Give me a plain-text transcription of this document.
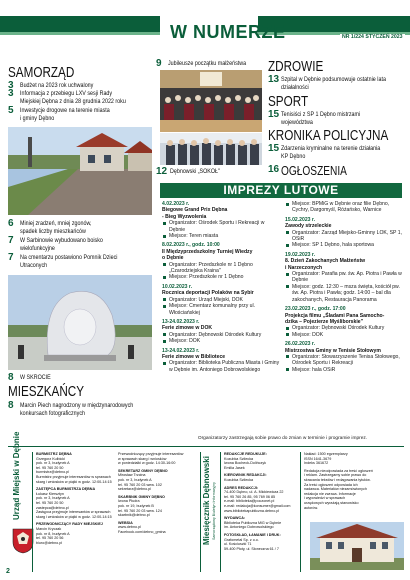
W NUMERZE	NR 1/224 STYCZEŃ 2023
SAMORZĄD
3 Budżet na 2023 rok uchwalony
3 Informacja z przebiegu LXV sesji Rady
Miejskiej Dębna z dnia 28 grudnia 2022 roku
5 Inwestycje drogowe na terenie miasta
i gminy Dębno
6 Miniej zradzeń, mniej zgonów,
spadek liczby mieszkańców
7 W Sarbinowie wybudowano boisko
wielofunkcyjne
7 Na cmentarzu postawiono Pomnik Dzieci
Utraconych
8 W SKRÓCIE
MIESZKAŃCY
8 Marcin Piech nagrodzony w międzynarodowych
konkursach fotograficznych
9 Jubileusze początku małżeństwa
12 Dębnowski „SOKÓŁ"
ZDROWIE
13 Szpital w Dębnie podsumowuje ostatnie lata
działalności
SPORT
15 Tenisiści z SP 1 Dębno mistrzami
województwa
KRONIKA POLICYJNA
15 Zdarzenia kryminalne na terenie działania
KP Dębno
16 OGŁOSZENIA
IMPREZY LUTOWE
4.02.2023 r.
Biegowe Grand Prix Dębna
- Bieg Wyzwolenia
Organizator: Ośrodek Sportu i Rekreacji w Dębnie
Miejsce: Teren miasta
8.02.2023 r., godz. 10:00
II Międzyprzedszkolny Turniej Wiedzy
o Dębnie
Organizator: Przedszkole nr 1 Dębno „Czarodziejska Kraina"
Miejsce: Przedszkole nr 1 Dębno
10.02.2023 r.
Rocznica deportacji Polaków na Sybir
Organizator: Urząd Miejski, DOK
Miejsce: Cmentarz komunalny przy ul. Włościańskiej
13-24.02.2023 r.
Ferie zimowe w DOK
Organizator: Dębnowski Ośrodek Kultury
Miejsce: DOK
13-24.02.2023 r.
Ferie zimowe w Bibliotece
Organizator: Biblioteka Publiczna Miasta i Gminy w Dębnie im. Antoniego Dobrowolskiego
Miejsce: BPMiG w Dębnie oraz filie Dębno, Cychry, Dargomyśl, Różańsko, Warnice
15.02.2023 r.
Zawody strzeleckie
Organizator: Zarząd Miejsko-Gminny LOK, SP 1, OSiR
Miejsce: SP 1 Dębno, hala sportowa
19.02.2023 r.
8. Dzień Zakochanych Małżeństw
i Narzeczonych
Organizator: Parafia pw. św. Ap. Piotra i Pawła w Dębnie
Miejsce: godz. 12:30 – msza święta, kościół pw. św. Ap. Piotra i Pawła; godz. 14:00 – bal dla zakochanych, Restauracja Panorama
23.02.2023 r., godz. 17:00
Projekcja filmu „Śladami Pana Samocho-
dzika – Pojezierze Myśliborskie"
Organizator: Dębnowski Ośrodek Kultury
Miejsce: DOK
26.02.2023 r.
Mistrzostwa Gminy w Tenisie Stołowym
Organizator: Stowarzyszenie Tenisa Stołowego, Ośrodek Sportu i Rekreacji
Miejsce: hala OSiR
Organizatorzy zastrzegają sobie prawo do zmian w terminie i programie imprez.
Urząd Miejski w Dębnie	BURMISTRZ DĘBNA
Grzegorz Kulbicki
pok. nr 3, budynek A
tel. 95 760 20 50
burmistrz@debno.pl
Burmistrz przyjmuje interesantów w sprawach
skarg i wniosków w piątki w godz. 12:00-14:15
ZASTĘPCA BURMISTRZA DĘBNA
Łukasz Kiersztyn
pok. nr 3, budynek A
tel. 95 760 20 50
zastepca@debno.pl
Zastępca przyjmuje interesantów w sprawach
skarg i wniosków w piątki w godz. 12:00-14:15
PRZEWODNICZĄCY RADY MIEJSKIEJ
Marcin Kryczak
pok. nr 8, budynek A
tel. 95 760 20 56
biuro@debno.pl
Przewodniczący przyjmuje interesantów
w sprawach skarg i wniosków
w poniedziałki w godz. 14:30-16:00
SEKRETARZ GMINY DĘBNO
Mirosław Trzcina
pok. nr 3, budynek A
tel. 95 760 20 03 wew. 102
sekretarz@debno.pl
SKARBNIK GMINY DĘBNO
Iwona Płudra
pok. nr 19, budynek B
tel. 95 760 20 03 wew. 124
skarbnik@debno.pl
WEBSIA
www.debno.pl
Facebook.com/debno_gmina	Miesięcznik Dębnowski Samorządowy Biuletyn Informacyjny
REDAKCJE REDUKUJE:
Kozubka Szilecka
Iwona Bocheck-Dolińczyk
Emilia Jasek
KIEROWNIK REDAKCJI:
Kozubka Szilecka
ADRES REDAKCJI:
74-400 Dębno, ul. A. Mickiewicza 22
tel. 95 760 26 85, 95 769 06 85
e-mail: biblioteka@poczonet.pl
e-mail: redakcja@konsumer@gmail.com
www.bibliotekapubliczna.debno.pl
WYDAWCA:
Biblioteka Publiczna MiG w Dębnie
im. Antoniego Dobrowolskiego
FOTOSKŁAD, ŁAMANIE I DRUK:
Grafometal Sp. z o.o.
ul. Kościuszki 71
59-400 Płoty, ul. Słoneczna 61 / 7
Nakład: 1500 egzemplarzy
ISSN 1641-3679
Indeks 361672
Redakcja nieodpowiada za treść ogłoszeń
i reklam. Zastrzegamy sobie prawo do
skracania tekstów i redagowania tytułów.
Za treść ogłoszeń odpowiada ich
nadawca. Materiałów niezamówionych
redakcja nie zwraca. Informacje
i wypowiedzi w sprawach
urzędowych wyrażają stanowisko
autorów.
2
